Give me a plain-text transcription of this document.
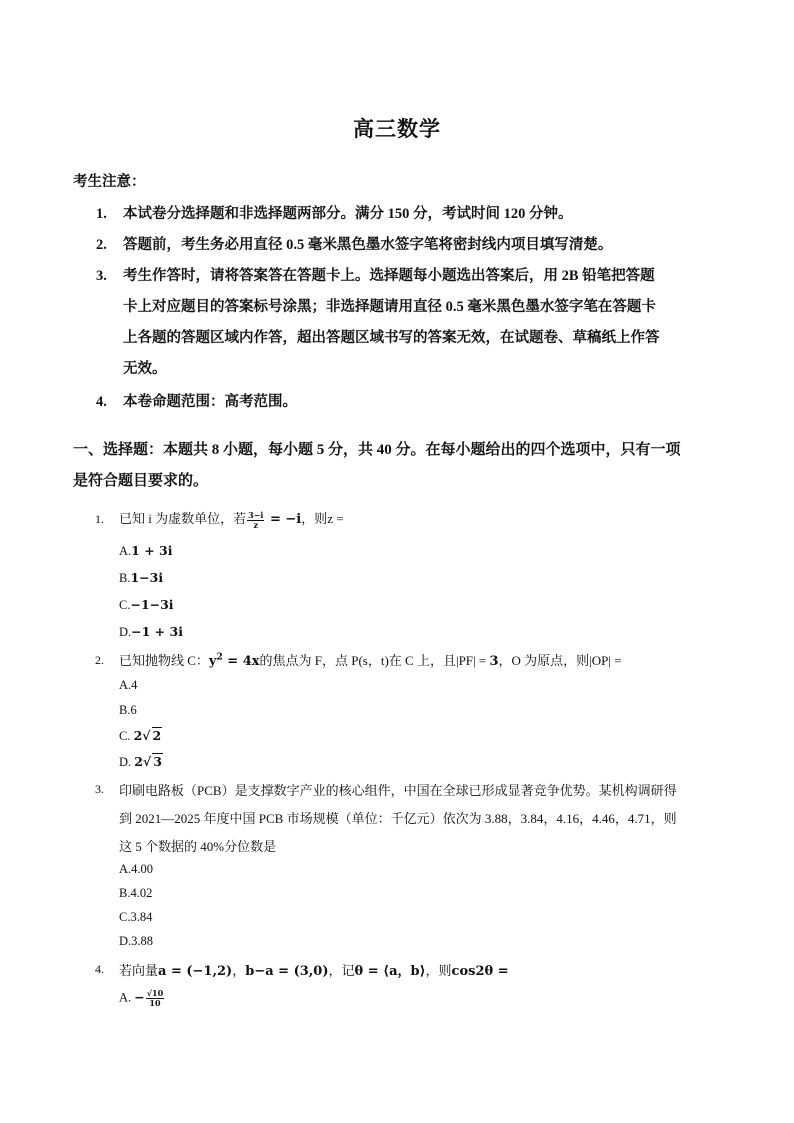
高三数学
考生注意：
1. 本试卷分选择题和非选择题两部分。满分 150 分，考试时间 120 分钟。
2. 答题前，考生务必用直径 0.5 毫米黑色墨水签字笔将密封线内项目填写清楚。
3. 考生作答时，请将答案答在答题卡上。选择题每小题选出答案后，用 2B 铅笔把答题
卡上对应题目的答案标号涂黑；非选择题请用直径 0.5 毫米黑色墨水签字笔在答题卡
上各题的答题区域内作答，超出答题区域书写的答案无效，在试题卷、草稿纸上作答
无效。
4. 本卷命题范围：高考范围。
一、选择题：本题共 8 小题，每小题 5 分，共 40 分。在每小题给出的四个选项中，只有一项
是符合题目要求的。
1. 已知 i 为虚数单位，若 $\frac{3-i}{z} = -i$，则z =
A.1 + 3i
B.1−3i
C.−1−3i
D.−1 + 3i
2. 已知抛物线 C：$y^2 = 4x$的焦点为 F，点 P(s，t)在 C 上，且|PF| = 3，O 为原点，则|OP| =
A.4
B.6
C. 2√ 2
D. 2√ 3
3. 印刷电路板（PCB）是支撑数字产业的核心组件，中国在全球已形成显著竞争优势。某机构调研得
到 2021—2025 年度中国 PCB 市场规模（单位：千亿元）依次为 3.88，3.84，4.16，4.46，4.71，则
这 5 个数据的 40%分位数是
A.4.00
B.4.02
C.3.84
D.3.88
4. 若向量a = (−1,2)，b−a = (3,0)，记θ = ⟨a，b⟩，则cos2θ =
A. − $\frac{√10}{10}$
